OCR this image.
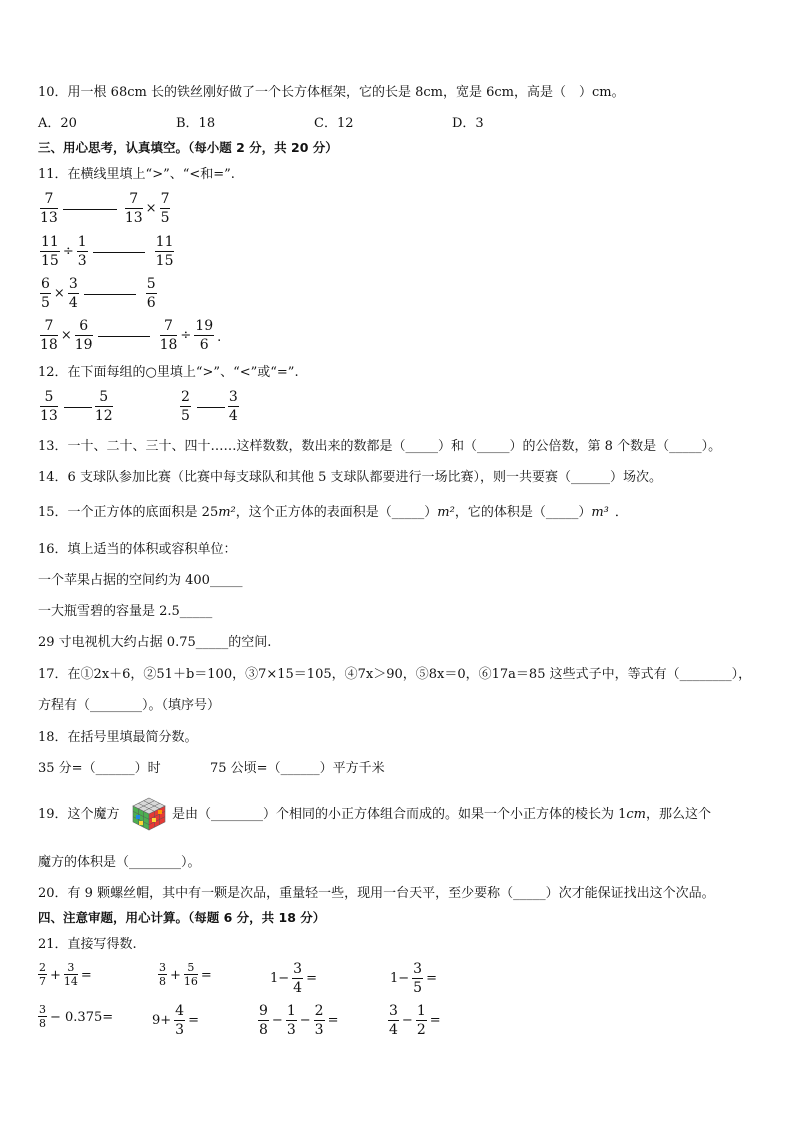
10．用一根 68cm 长的铁丝刚好做了一个长方体框架，它的长是 8cm，宽是 6cm，高是（　）cm。
A．20	B．18	C．12	D．3
三、用心思考，认真填空。（每小题 2 分，共 20 分）
11．在横线里填上“>”、“<和=”.
12．在下面每组的○里填上“>”、“<”或“=”.
13．一十、二十、三十、四十……这样数数，数出来的数都是（_____）和（_____）的公倍数，第 8 个数是（_____）。
14．6 支球队参加比赛（比赛中每支球队和其他 5 支球队都要进行一场比赛），则一共要赛（______）场次。
15．一个正方体的底面积是 25m²，这个正方体的表面积是（_____）m²，它的体积是（_____）m³ ．
16．填上适当的体积或容积单位：
一个苹果占据的空间约为 400_____
一大瓶雪碧的容量是 2.5_____
29 寸电视机大约占据 0.75_____的空间.
17．在①2x＋6，②51＋b＝100，③7×15＝105，④7x＞90，⑤8x＝0，⑥17a＝85 这些式子中，等式有（________），
方程有（________）。（填序号）
18．在括号里填最简分数。
35 分=（______）时	75 公顷=（______）平方千米
19．这个魔方	是由（________）个相同的小正方体组合而成的。如果一个小正方体的棱长为 1cm，那么这个
魔方的体积是（________）。
20．有 9 颗螺丝帽，其中有一颗是次品，重量轻一些，现用一台天平，至少要称（_____）次才能保证找出这个次品。
四、注意审题，用心计算。（每题 6 分，共 18 分）
21．直接写得数.
$\frac{7}{13}$	$\frac{7}{13} \times \frac{7}{5}$
$\frac{11}{15} \div \frac{1}{3}$	$\frac{11}{15}$
$\frac{6}{5} \times \frac{3}{4}$	$\frac{5}{6}$
$\frac{7}{18} \times \frac{6}{19}$	$\frac{7}{18} \div \frac{19}{6}$ .
$\frac{5}{13}$	$\frac{5}{12}$	$\frac{2}{5}$	$\frac{3}{4}$
$\frac{2}{7} + \frac{3}{14}$ =	$\frac{3}{8} + \frac{5}{16}$ =	$1- \frac{3}{4}$ =	$1- \frac{3}{5}$ =
$\frac{3}{8} - 0.375=$	$9+ \frac{4}{3}$ =	$\frac{9}{8} - \frac{1}{3} - \frac{2}{3}$ =	$\frac{3}{4} - \frac{1}{2}$ =
